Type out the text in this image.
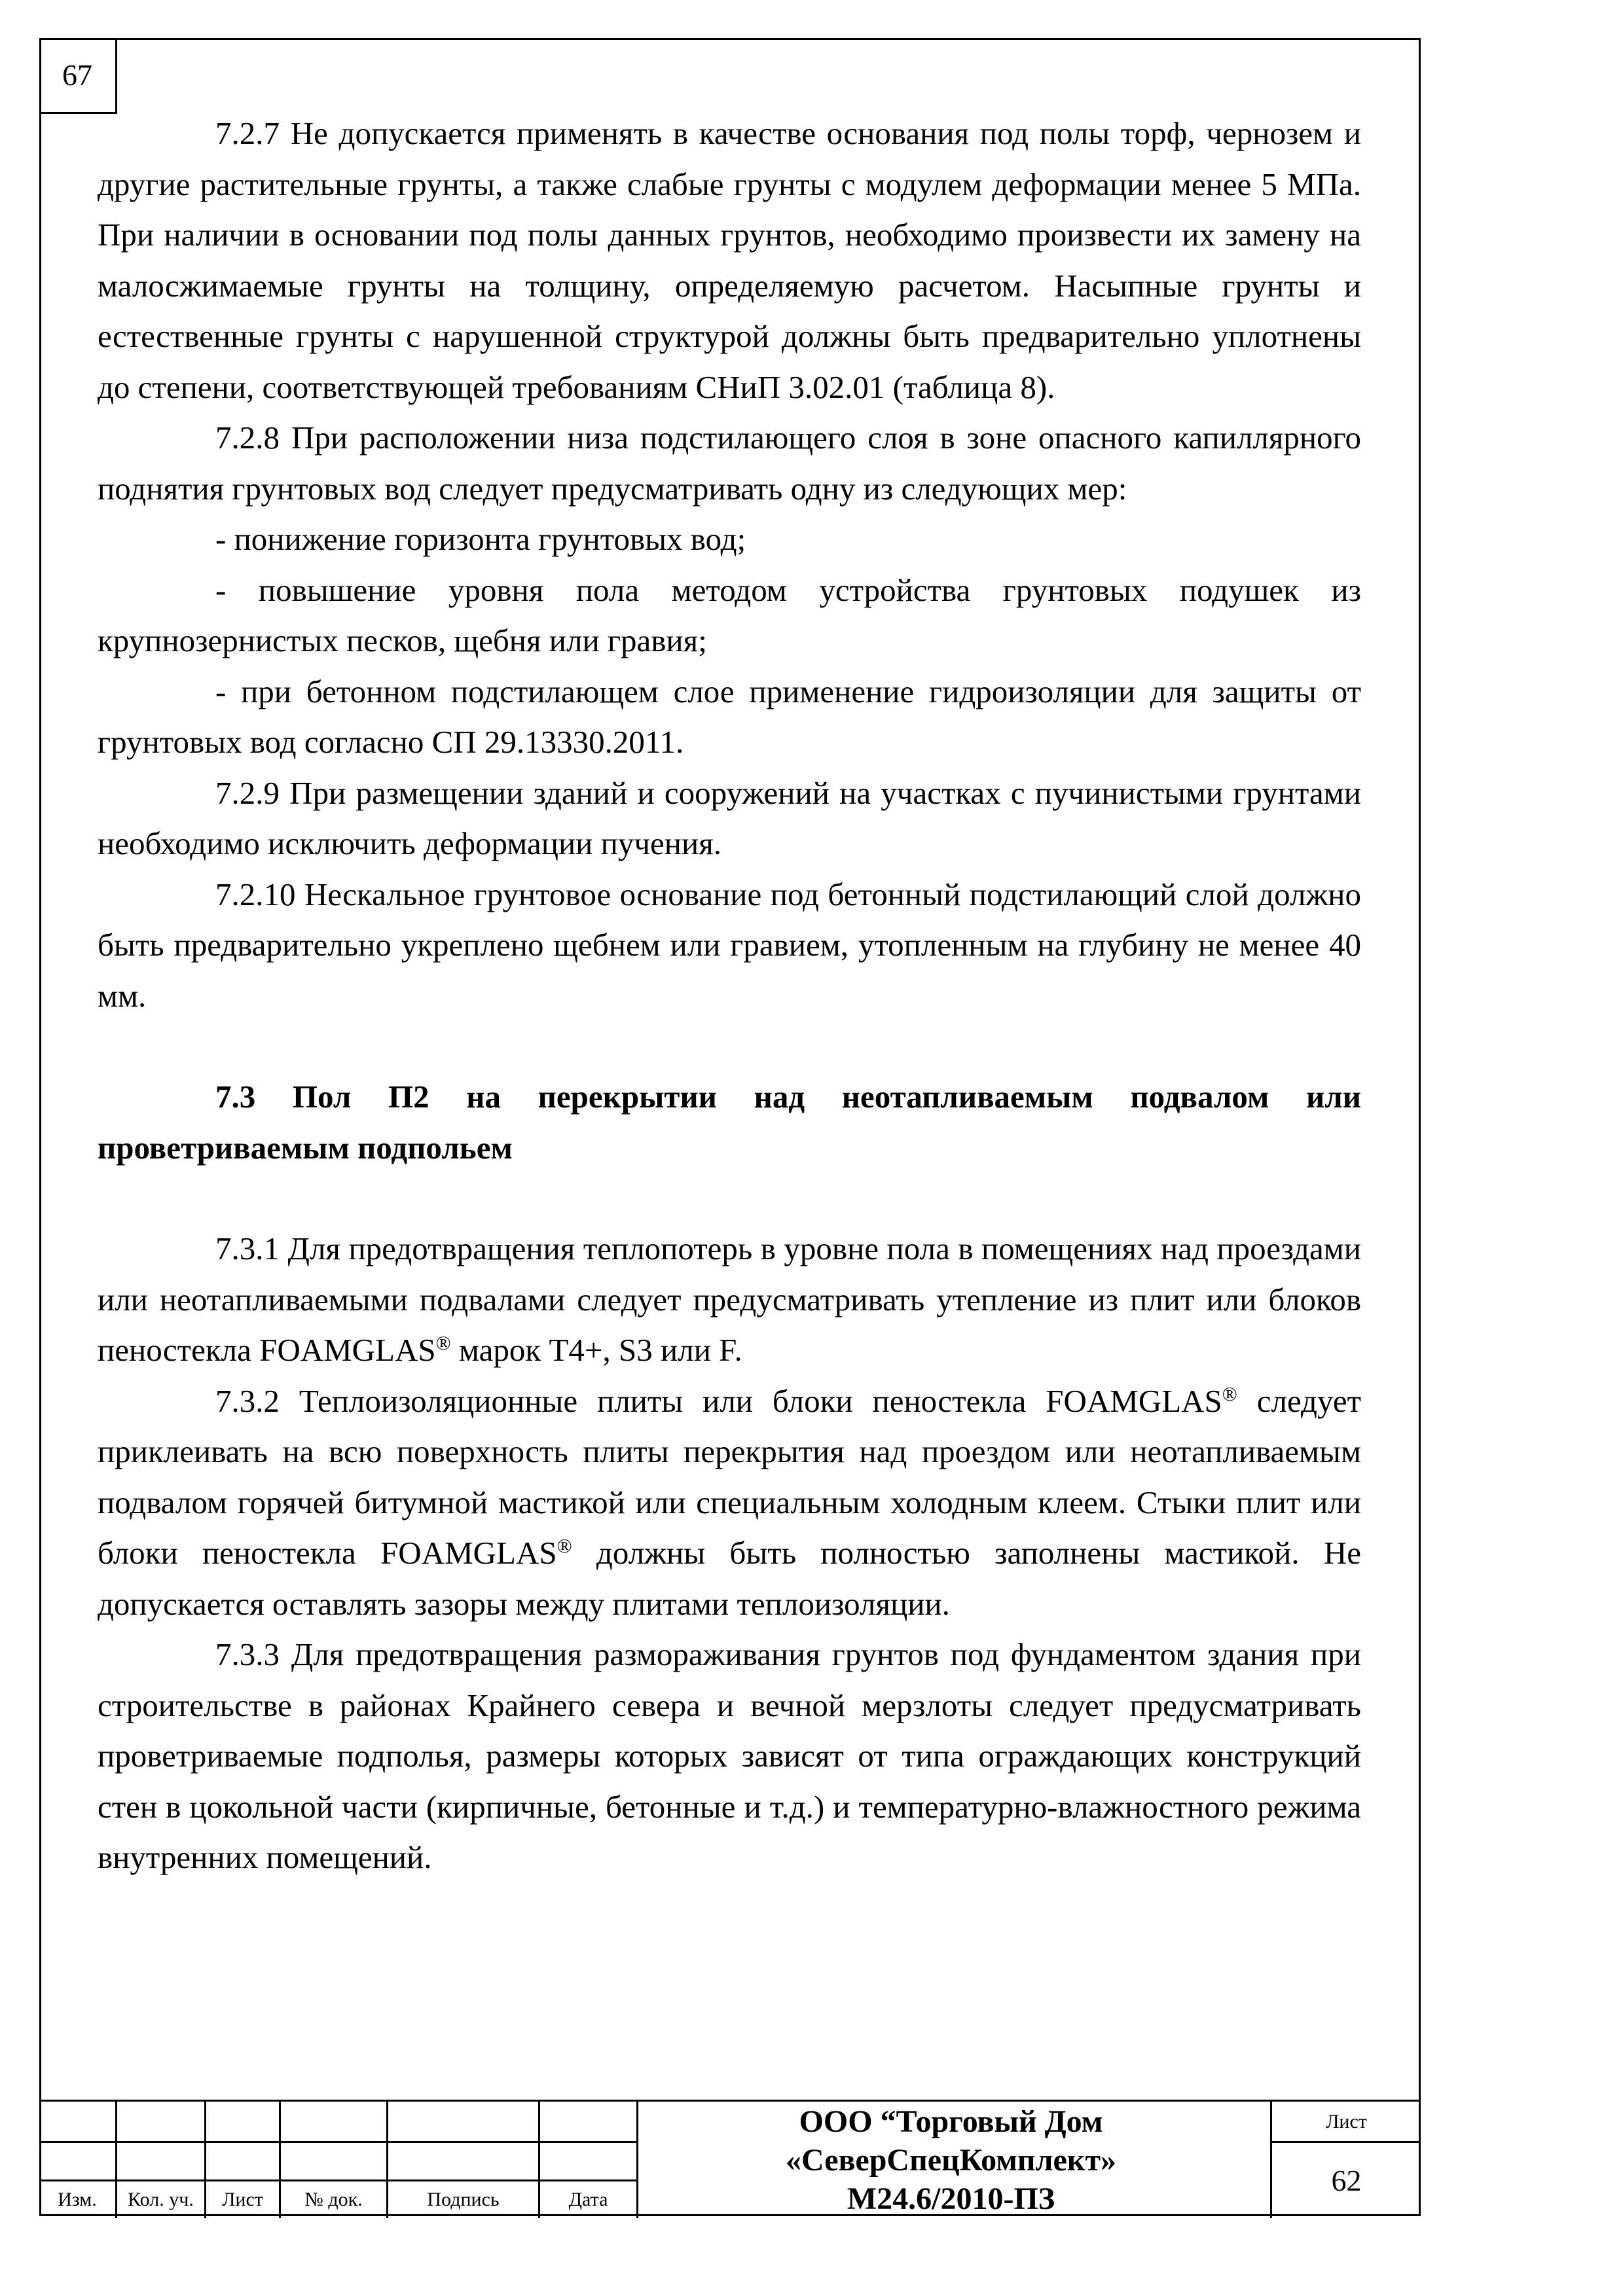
67

7.2.7 Не допускается применять в качестве основания под полы торф, чернозем и другие растительные грунты, а также слабые грунты с модулем деформации менее 5 МПа. При наличии в основании под полы данных грунтов, необходимо произвести их замену на малосжимаемые грунты на толщину, определяемую расчетом. Насыпные грунты и естественные грунты с нарушенной структурой должны быть предварительно уплотнены до степени, соответствующей требованиям СНиП 3.02.01 (таблица 8).

7.2.8 При расположении низа подстилающего слоя в зоне опасного капиллярного поднятия грунтовых вод следует предусматривать одну из следующих мер:

- понижение горизонта грунтовых вод;

- повышение уровня пола методом устройства грунтовых подушек из крупнозернистых песков, щебня или гравия;

- при бетонном подстилающем слое применение гидроизоляции для защиты от грунтовых вод согласно СП 29.13330.2011.

7.2.9 При размещении зданий и сооружений на участках с пучинистыми грунтами необходимо исключить деформации пучения.

7.2.10 Нескальное грунтовое основание под бетонный подстилающий слой должно быть предварительно укреплено щебнем или гравием, утопленным на глубину не менее 40 мм.

7.3 Пол П2 на перекрытии над неотапливаемым подвалом или проветриваемым подпольем

7.3.1 Для предотвращения теплопотерь в уровне пола в помещениях над проездами или неотапливаемыми подвалами следует предусматривать утепление из плит или блоков пеностекла FOAMGLAS® марок Т4+, S3 или F.

7.3.2 Теплоизоляционные плиты или блоки пеностекла FOAMGLAS® следует приклеивать на всю поверхность плиты перекрытия над проездом или неотапливаемым подвалом горячей битумной мастикой или специальным холодным клеем. Стыки плит или блоки пеностекла FOAMGLAS® должны быть полностью заполнены мастикой. Не допускается оставлять зазоры между плитами теплоизоляции.

7.3.3 Для предотвращения размораживания грунтов под фундаментом здания при строительстве в районах Крайнего севера и вечной мерзлоты следует предусматривать проветриваемые подполья, размеры которых зависят от типа ограждающих конструкций стен в цокольной части (кирпичные, бетонные и т.д.) и температурно-влажностного режима внутренних помещений.

Изм.	Кол. уч.	Лист	№ док.	Подпись	Дата
ООО “Торговый Дом
«СеверСпецКомплект»
М24.6/2010-ПЗ
Лист
62
